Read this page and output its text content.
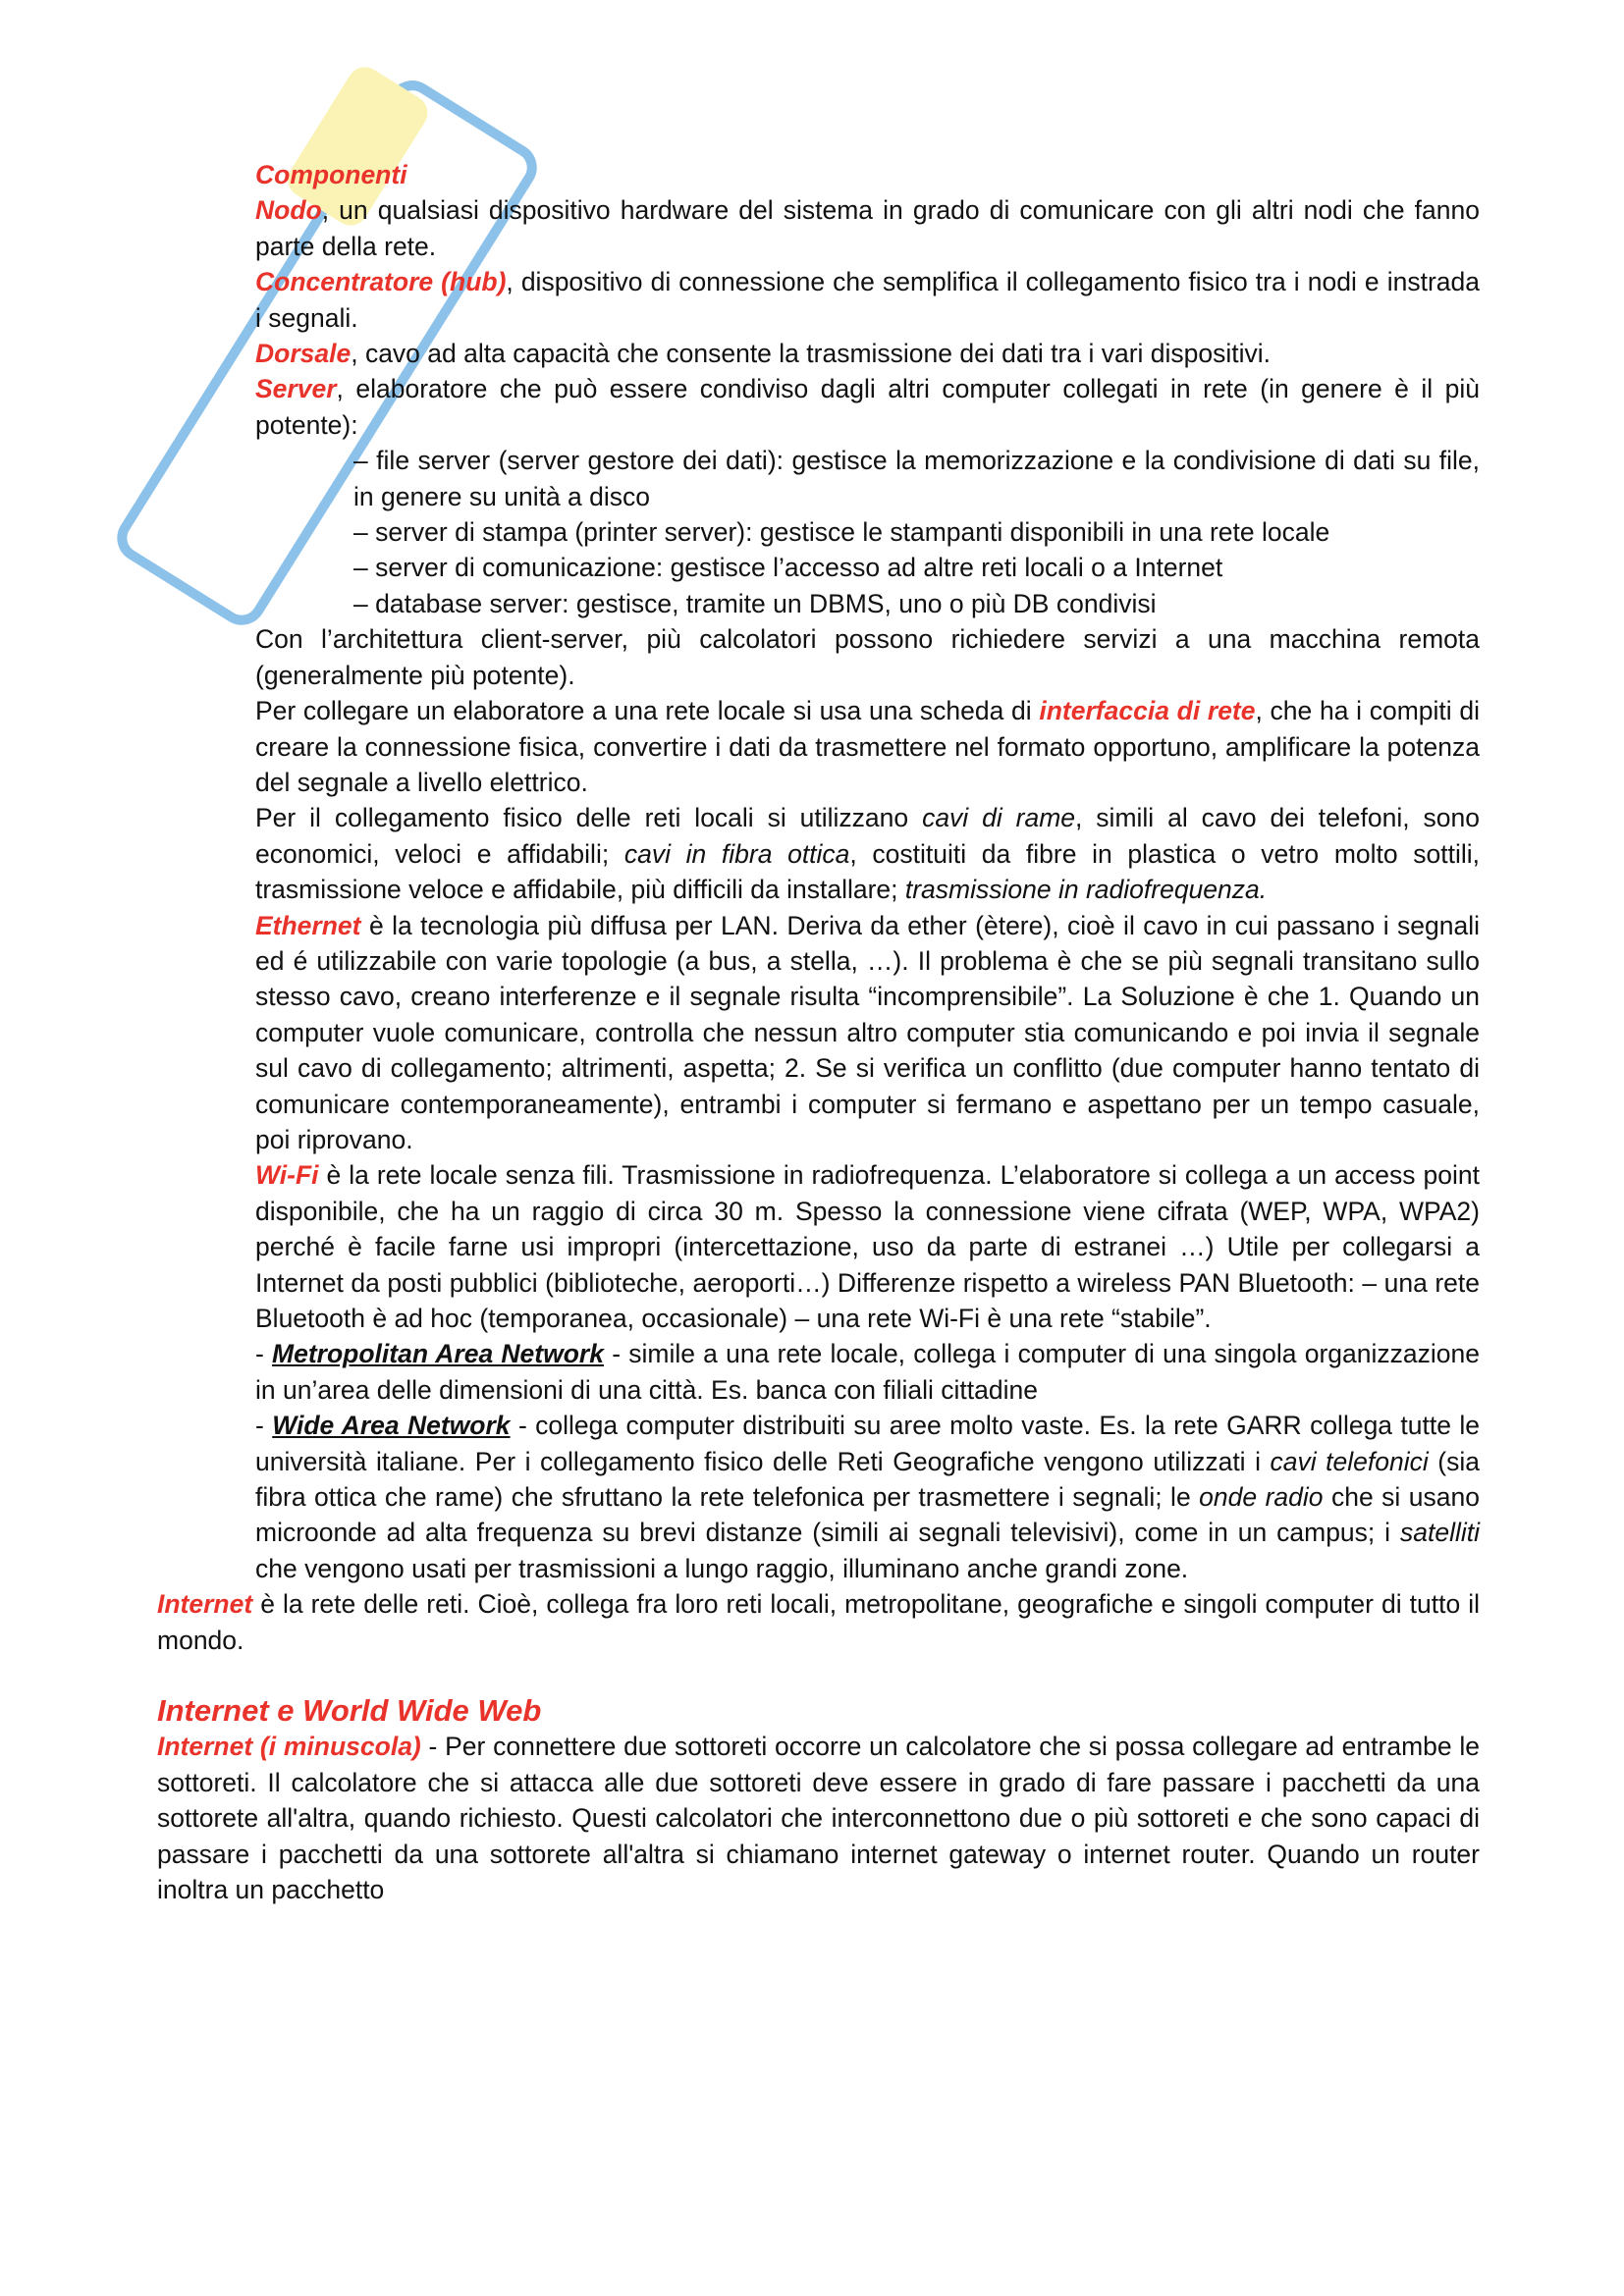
Componenti

Nodo, un qualsiasi dispositivo hardware del sistema in grado di comunicare con gli altri nodi che fanno parte della rete.

Concentratore (hub), dispositivo di connessione che semplifica il collegamento fisico tra i nodi e instrada i segnali.

Dorsale, cavo ad alta capacità che consente la trasmissione dei dati tra i vari dispositivi.

Server, elaboratore che può essere condiviso dagli altri computer collegati in rete (in genere è il più potente):

– file server (server gestore dei dati): gestisce la memorizzazione e la condivisione di dati su file, in genere su unità a disco

– server di stampa (printer server): gestisce le stampanti disponibili in una rete locale

– server di comunicazione: gestisce l’accesso ad altre reti locali o a Internet

– database server: gestisce, tramite un DBMS, uno o più DB condivisi

Con l’architettura client-server, più calcolatori possono richiedere servizi a una macchina remota (generalmente più potente).

Per collegare un elaboratore a una rete locale si usa una scheda di interfaccia di rete, che ha i compiti di creare la connessione fisica, convertire i dati da trasmettere nel formato opportuno, amplificare la potenza del segnale a livello elettrico.

Per il collegamento fisico delle reti locali si utilizzano cavi di rame, simili al cavo dei telefoni, sono economici, veloci e affidabili; cavi in fibra ottica, costituiti da fibre in plastica o vetro molto sottili, trasmissione veloce e affidabile, più difficili da installare; trasmissione in radiofrequenza.

Ethernet è la tecnologia più diffusa per LAN. Deriva da ether (ètere), cioè il cavo in cui passano i segnali ed é utilizzabile con varie topologie (a bus, a stella, …). Il problema è che se più segnali transitano sullo stesso cavo, creano interferenze e il segnale risulta “incomprensibile”. La Soluzione è che 1. Quando un computer vuole comunicare, controlla che nessun altro computer stia comunicando e poi invia il segnale sul cavo di collegamento; altrimenti, aspetta; 2. Se si verifica un conflitto (due computer hanno tentato di comunicare contemporaneamente), entrambi i computer si fermano e aspettano per un tempo casuale, poi riprovano.

Wi-Fi è la rete locale senza fili. Trasmissione in radiofrequenza. L’elaboratore si collega a un access point disponibile, che ha un raggio di circa 30 m. Spesso la connessione viene cifrata (WEP, WPA, WPA2) perché è facile farne usi impropri (intercettazione, uso da parte di estranei …) Utile per collegarsi a Internet da posti pubblici (biblioteche, aeroporti…) Differenze rispetto a wireless PAN Bluetooth: – una rete Bluetooth è ad hoc (temporanea, occasionale) – una rete Wi-Fi è una rete “stabile”.

- Metropolitan Area Network - simile a una rete locale, collega i computer di una singola organizzazione in un’area delle dimensioni di una città. Es. banca con filiali cittadine

- Wide Area Network - collega computer distribuiti su aree molto vaste. Es. la rete GARR collega tutte le università italiane. Per i collegamento fisico delle Reti Geografiche vengono utilizzati i cavi telefonici (sia fibra ottica che rame) che sfruttano la rete telefonica per trasmettere i segnali; le onde radio che si usano microonde ad alta frequenza su brevi distanze (simili ai segnali televisivi), come in un campus; i satelliti che vengono usati per trasmissioni a lungo raggio, illuminano anche grandi zone.

Internet è la rete delle reti. Cioè, collega fra loro reti locali, metropolitane, geografiche e singoli computer di tutto il mondo.

Internet e World Wide Web

Internet (i minuscola) - Per connettere due sottoreti occorre un calcolatore che si possa collegare ad entrambe le sottoreti. Il calcolatore che si attacca alle due sottoreti deve essere in grado di fare passare i pacchetti da una sottorete all'altra, quando richiesto. Questi calcolatori che interconnettono due o più sottoreti e che sono capaci di passare i pacchetti da una sottorete all'altra si chiamano internet gateway o internet router. Quando un router inoltra un pacchetto
